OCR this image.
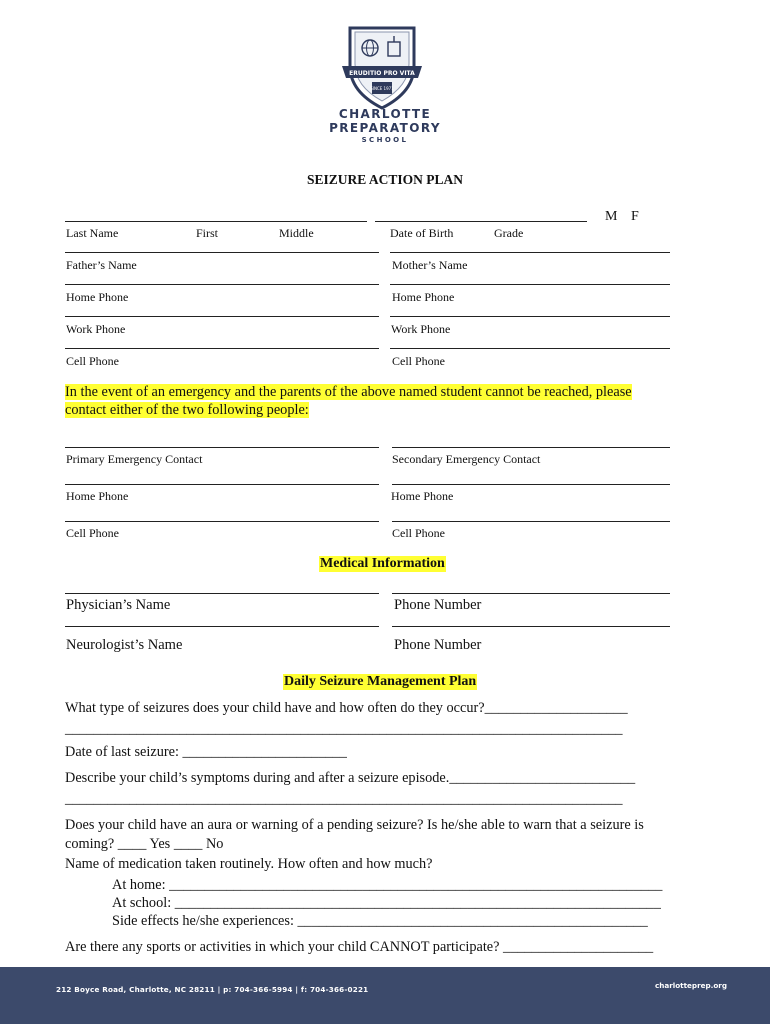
ERUDITIO PRO VITA
SINCE 1971
CHARLOTTE
PREPARATORY
SCHOOL
SEIZURE ACTION PLAN
M F
Last Name	First	Middle	Date of Birth	Grade
Father’s Name	Mother’s Name
Home Phone	Home Phone
Work Phone	Work Phone
Cell Phone	Cell Phone
In the event of an emergency and the parents of the above named student cannot be reached, please
contact either of the two following people:
Primary Emergency Contact	Secondary Emergency Contact
Home Phone	Home Phone
Cell Phone	Cell Phone
Medical Information
Physician’s Name	Phone Number
Neurologist’s Name	Phone Number
Daily Seizure Management Plan
What type of seizures does your child have and how often do they occur?____________________
______________________________________________________________________________
Date of last seizure: _______________________
Describe your child’s symptoms during and after a seizure episode.__________________________
______________________________________________________________________________
Does your child have an aura or warning of a pending seizure? Is he/she able to warn that a seizure is
coming? ____ Yes ____ No
Name of medication taken routinely. How often and how much?
At home: _____________________________________________________________________
At school: ____________________________________________________________________
Side effects he/she experiences: _________________________________________________
Are there any sports or activities in which your child CANNOT participate? _____________________
212 Boyce Road, Charlotte, NC 28211 | p: 704-366-5994 | f: 704-366-0221	charlotteprep.org
